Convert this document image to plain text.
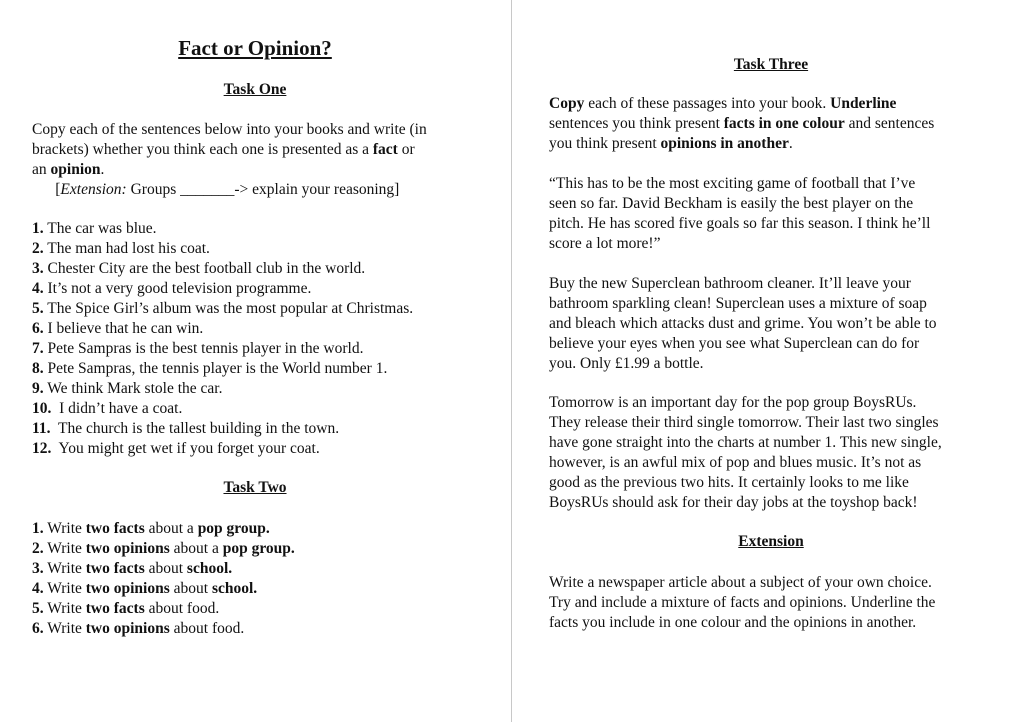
Fact or Opinion?
Task One
Copy each of the sentences below into your books and write (in
brackets) whether you think each one is presented as a fact or
an opinion.
[Extension: Groups _______-> explain your reasoning]
1. The car was blue.
2. The man had lost his coat.
3. Chester City are the best football club in the world.
4. It’s not a very good television programme.
5. The Spice Girl’s album was the most popular at Christmas.
6. I believe that he can win.
7. Pete Sampras is the best tennis player in the world.
8. Pete Sampras, the tennis player is the World number 1.
9. We think Mark stole the car.
10.  I didn’t have a coat.
11.  The church is the tallest building in the town.
12.  You might get wet if you forget your coat.
Task Two
1. Write two facts about a pop group.
2. Write two opinions about a pop group.
3. Write two facts about school.
4. Write two opinions about school.
5. Write two facts about food.
6. Write two opinions about food.
Task Three
Copy each of these passages into your book. Underline
sentences you think present facts in one colour and sentences
you think present opinions in another.
“This has to be the most exciting game of football that I’ve
seen so far. David Beckham is easily the best player on the
pitch. He has scored five goals so far this season. I think he’ll
score a lot more!”
Buy the new Superclean bathroom cleaner. It’ll leave your
bathroom sparkling clean! Superclean uses a mixture of soap
and bleach which attacks dust and grime. You won’t be able to
believe your eyes when you see what Superclean can do for
you. Only £1.99 a bottle.
Tomorrow is an important day for the pop group BoysRUs.
They release their third single tomorrow. Their last two singles
have gone straight into the charts at number 1. This new single,
however, is an awful mix of pop and blues music. It’s not as
good as the previous two hits. It certainly looks to me like
BoysRUs should ask for their day jobs at the toyshop back!
Extension
Write a newspaper article about a subject of your own choice.
Try and include a mixture of facts and opinions. Underline the
facts you include in one colour and the opinions in another.
